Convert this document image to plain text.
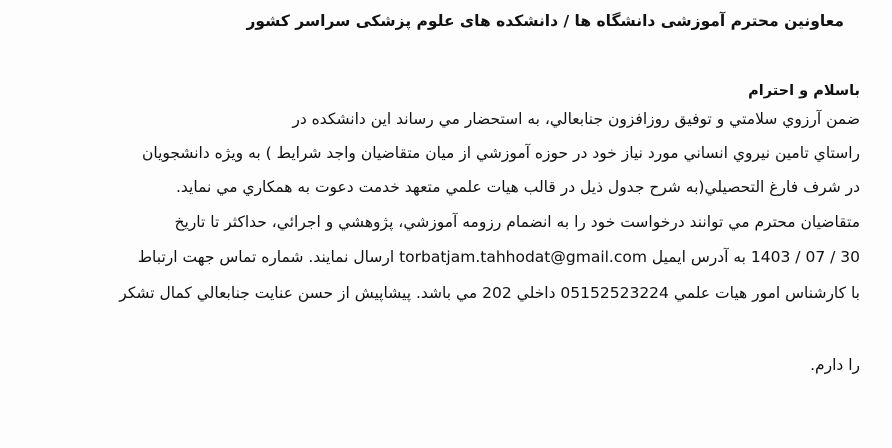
معاونین محترم آموزشی دانشگاه ها / دانشکده های علوم پزشکی سراسر کشور
باسلام و احترام
ضمن آرزوي سلامتي و توفيق روزافزون جنابعالي، به استحضار مي رساند اين دانشكده در
راستاي تامين نيروي انساني مورد نياز خود در حوزه آموزشي از ميان متقاضيان واجد شرايط ) به ويژه دانشجويان
در شرف فارغ التحصيلي(به شرح جدول ذيل در قالب هيات علمي متعهد خدمت دعوت به همكاري مي نمايد.
متقاضيان محترم مي توانند درخواست خود را به انضمام رزومه آموزشي، پژوهشي و اجرائي، حداكثر تا تاريخ
30 / 07 / 1403 به آدرس ايميل torbatjam.tahhodat@gmail.com ارسال نمايند. شماره تماس جهت ارتباط
با كارشناس امور هيات علمي 05152523224 داخلي 202 مي باشد. پيشاپيش از حسن عنايت جنابعالي كمال تشكر
را دارم.
